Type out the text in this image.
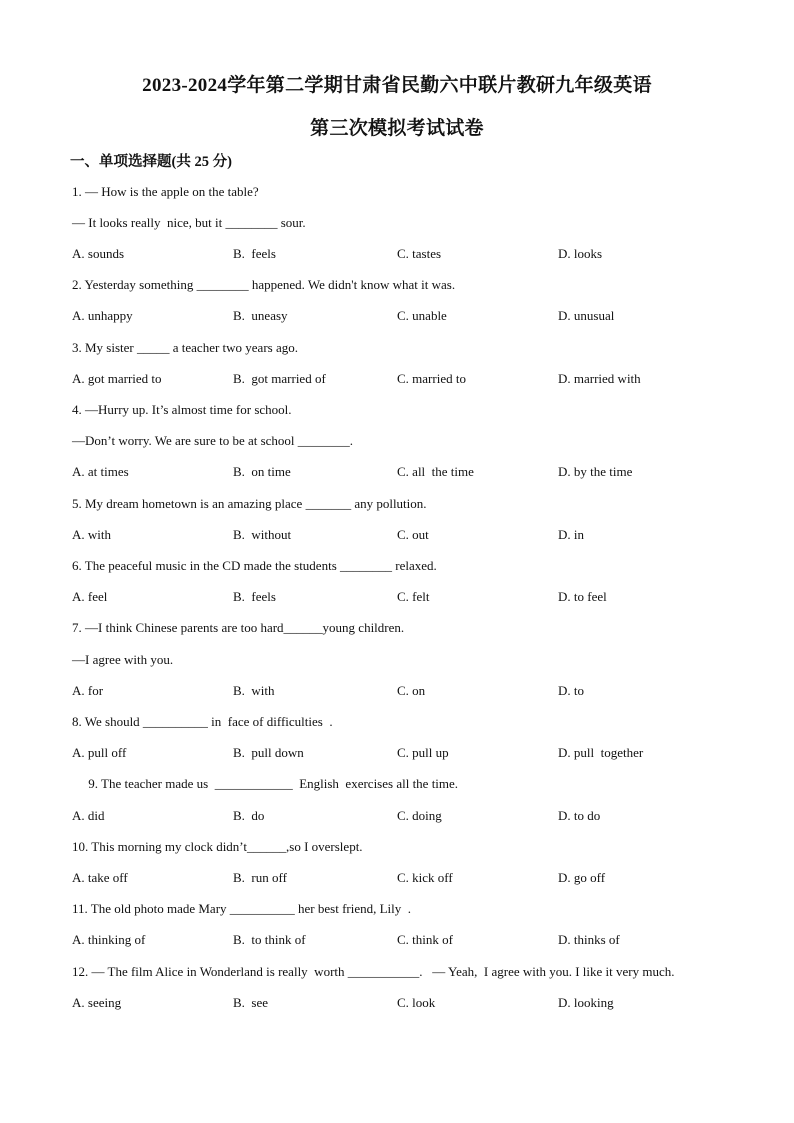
2023-2024学年第二学期甘肃省民勤六中联片教研九年级英语
第三次模拟考试试卷
一、单项选择题(共 25 分)
1. — How is the apple on the table?
— It looks really  nice, but it ________ sour.
A. sounds	B.  feels	C. tastes	D. looks
2. Yesterday something ________ happened. We didn't know what it was.
A. unhappy	B.  uneasy	C. unable	D. unusual
3. My sister _____ a teacher two years ago.
A. got married to	B.  got married of	C. married to	D. married with
4. —Hurry up. It’s almost time for school.
—Don’t worry. We are sure to be at school ________.
A. at times	B.  on time	C. all  the time	D. by the time
5. My dream hometown is an amazing place _______ any pollution.
A. with	B.  without	C. out	D. in
6. The peaceful music in the CD made the students ________ relaxed.
A. feel	B.  feels	C. felt	D. to feel
7. —I think Chinese parents are too hard______young children.
—I agree with you.
A. for	B.  with	C. on	D. to
8. We should __________ in  face of difficulties  .
A. pull off	B.  pull down	C. pull up	D. pull  together
9. The teacher made us  ____________  English  exercises all the time.
A. did	B.  do	C. doing	D. to do
10. This morning my clock didn’t______,so I overslept.
A. take off	B.  run off	C. kick off	D. go off
11. The old photo made Mary __________ her best friend, Lily  .
A. thinking of	B.  to think of	C. think of	D. thinks of
12. — The film Alice in Wonderland is really  worth ___________.   — Yeah,  I agree with you. I like it very much.
A. seeing	B.  see	C. look	D. looking
